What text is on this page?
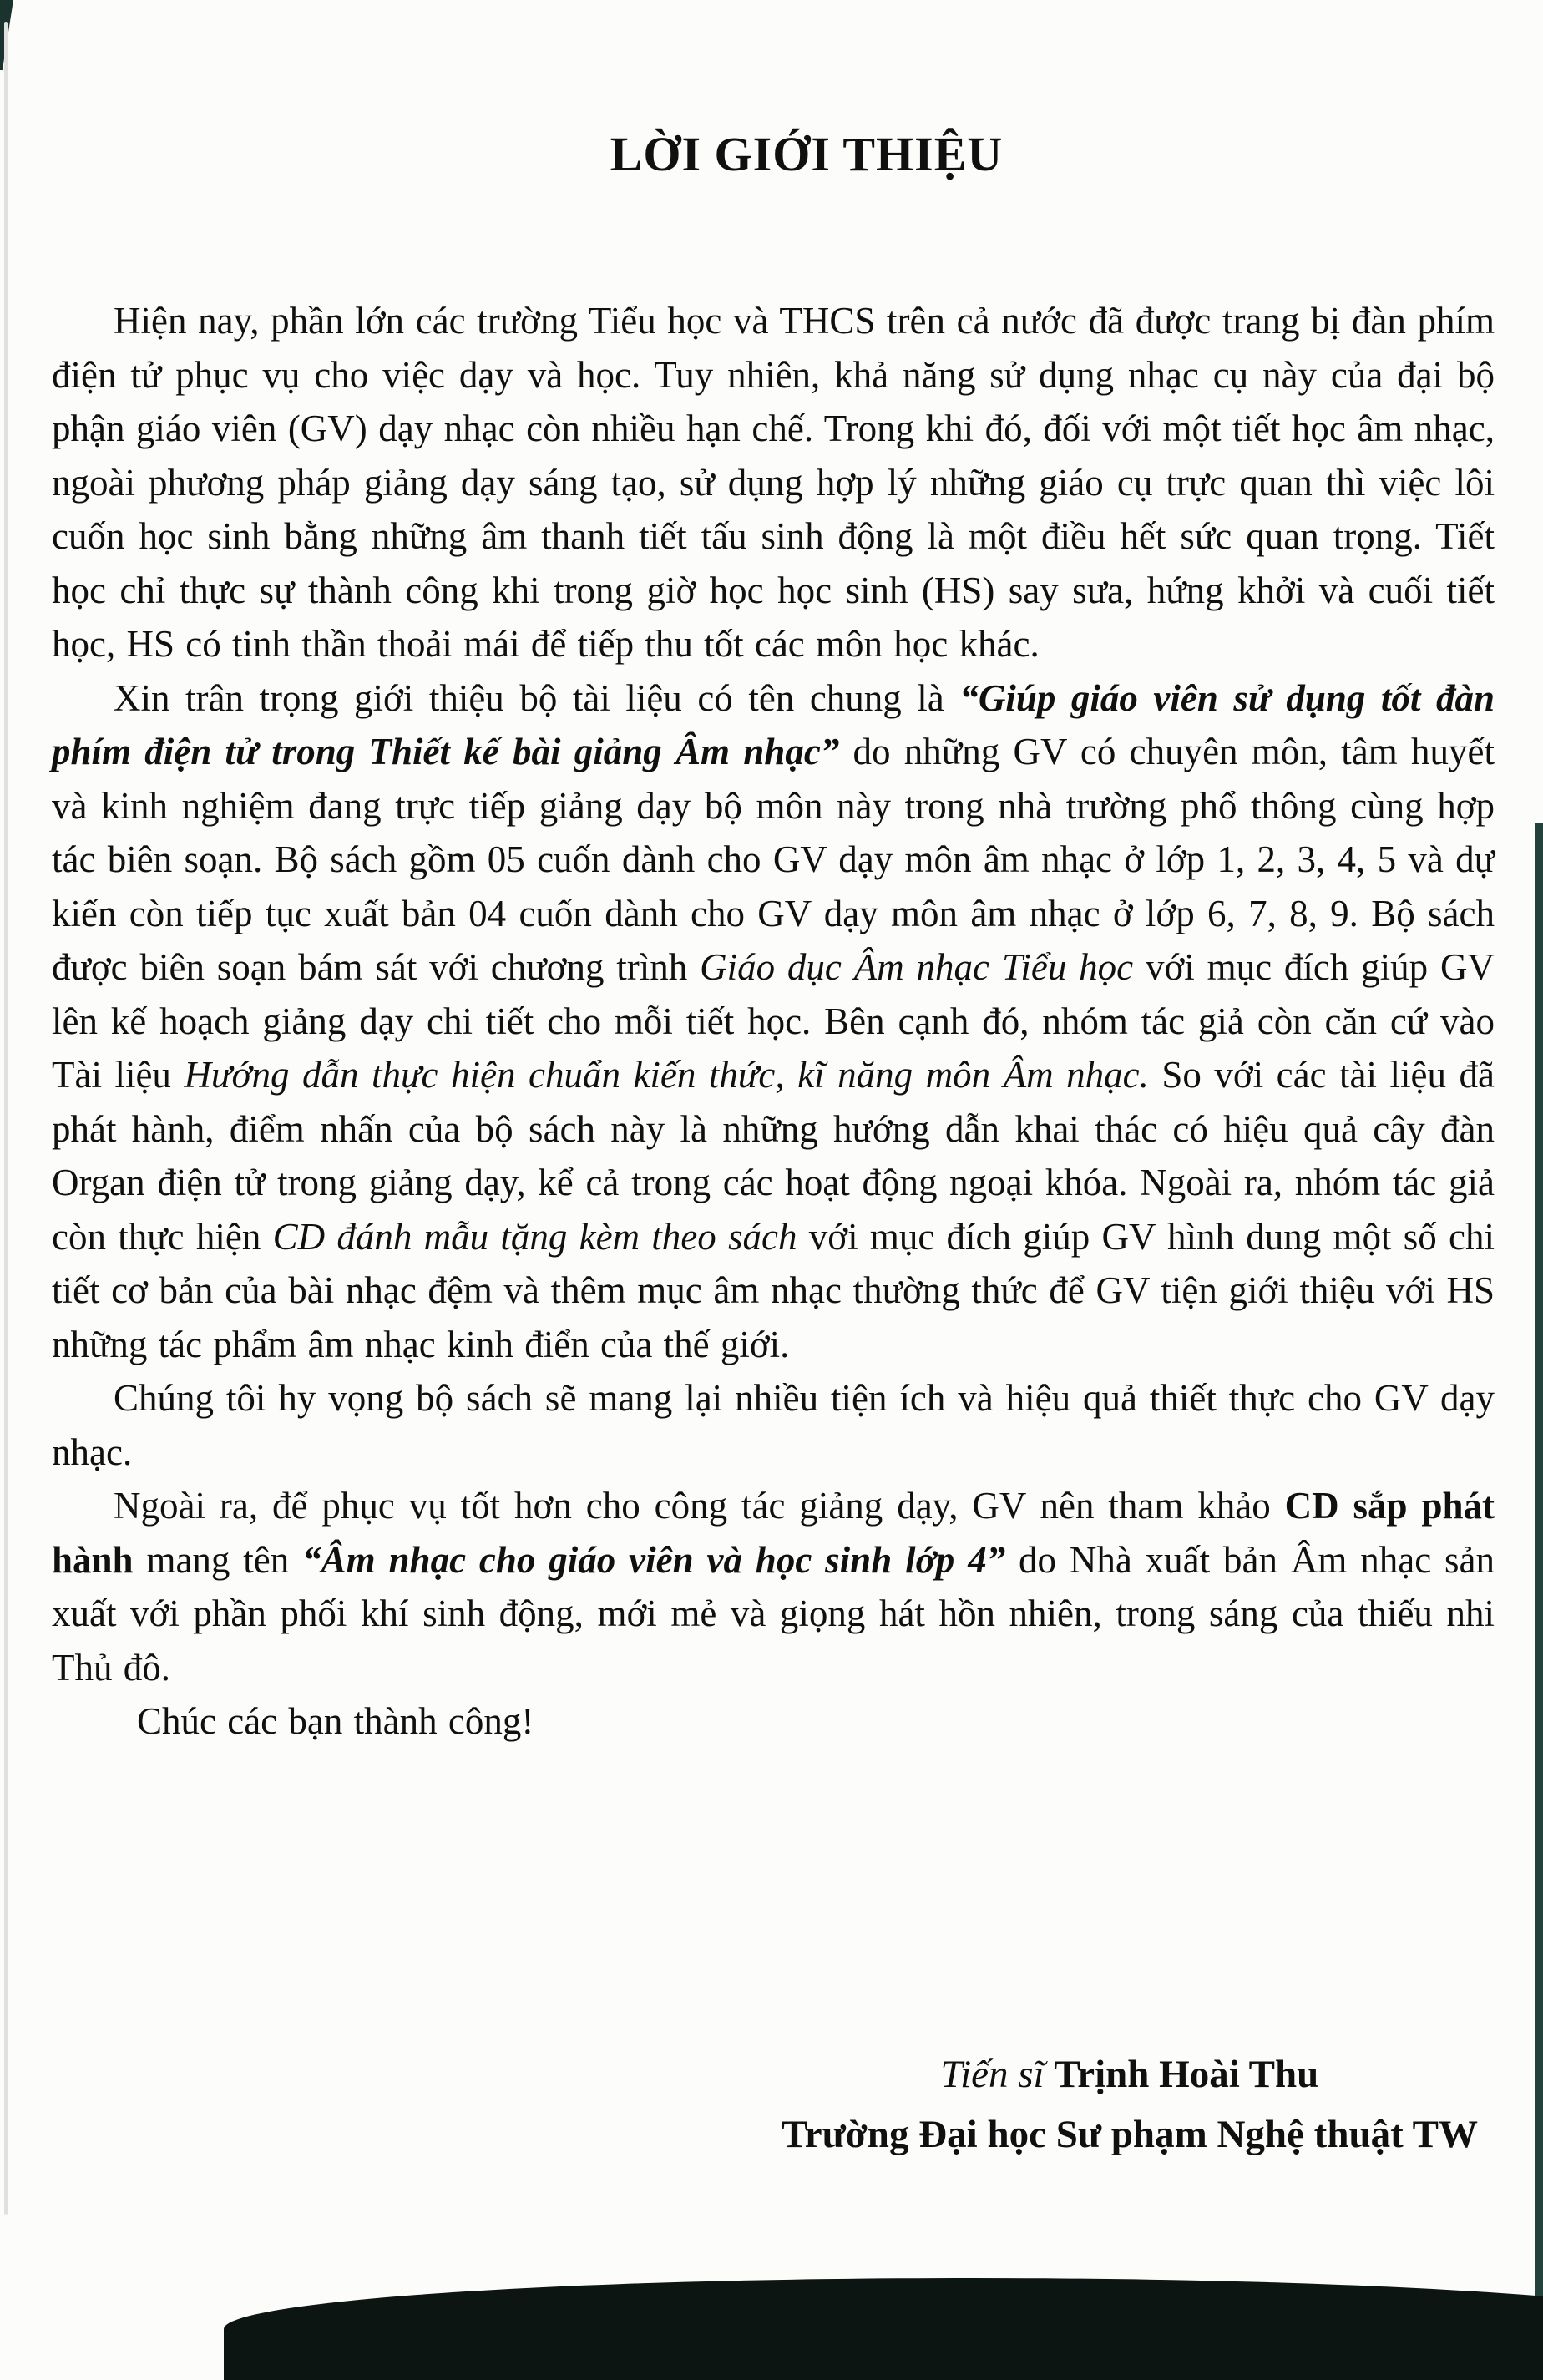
LỜI GIỚI THIỆU

Hiện nay, phần lớn các trường Tiểu học và THCS trên cả nước đã được trang bị đàn phím điện tử phục vụ cho việc dạy và học. Tuy nhiên, khả năng sử dụng nhạc cụ này của đại bộ phận giáo viên (GV) dạy nhạc còn nhiều hạn chế. Trong khi đó, đối với một tiết học âm nhạc, ngoài phương pháp giảng dạy sáng tạo, sử dụng hợp lý những giáo cụ trực quan thì việc lôi cuốn học sinh bằng những âm thanh tiết tấu sinh động là một điều hết sức quan trọng. Tiết học chỉ thực sự thành công khi trong giờ học học sinh (HS) say sưa, hứng khởi và cuối tiết học, HS có tinh thần thoải mái để tiếp thu tốt các môn học khác.

Xin trân trọng giới thiệu bộ tài liệu có tên chung là “Giúp giáo viên sử dụng tốt đàn phím điện tử trong Thiết kế bài giảng Âm nhạc” do những GV có chuyên môn, tâm huyết và kinh nghiệm đang trực tiếp giảng dạy bộ môn này trong nhà trường phổ thông cùng hợp tác biên soạn. Bộ sách gồm 05 cuốn dành cho GV dạy môn âm nhạc ở lớp 1, 2, 3, 4, 5 và dự kiến còn tiếp tục xuất bản 04 cuốn dành cho GV dạy môn âm nhạc ở lớp 6, 7, 8, 9. Bộ sách được biên soạn bám sát với chương trình Giáo dục Âm nhạc Tiểu học với mục đích giúp GV lên kế hoạch giảng dạy chi tiết cho mỗi tiết học. Bên cạnh đó, nhóm tác giả còn căn cứ vào Tài liệu Hướng dẫn thực hiện chuẩn kiến thức, kĩ năng môn Âm nhạc. So với các tài liệu đã phát hành, điểm nhấn của bộ sách này là những hướng dẫn khai thác có hiệu quả cây đàn Organ điện tử trong giảng dạy, kể cả trong các hoạt động ngoại khóa. Ngoài ra, nhóm tác giả còn thực hiện CD đánh mẫu tặng kèm theo sách với mục đích giúp GV hình dung một số chi tiết cơ bản của bài nhạc đệm và thêm mục âm nhạc thường thức để GV tiện giới thiệu với HS những tác phẩm âm nhạc kinh điển của thế giới.

Chúng tôi hy vọng bộ sách sẽ mang lại nhiều tiện ích và hiệu quả thiết thực cho GV dạy nhạc.

Ngoài ra, để phục vụ tốt hơn cho công tác giảng dạy, GV nên tham khảo CD sắp phát hành mang tên “Âm nhạc cho giáo viên và học sinh lớp 4” do Nhà xuất bản Âm nhạc sản xuất với phần phối khí sinh động, mới mẻ và giọng hát hồn nhiên, trong sáng của thiếu nhi Thủ đô.

Chúc các bạn thành công!

Tiến sĩ Trịnh Hoài Thu
Trường Đại học Sư phạm Nghệ thuật TW
